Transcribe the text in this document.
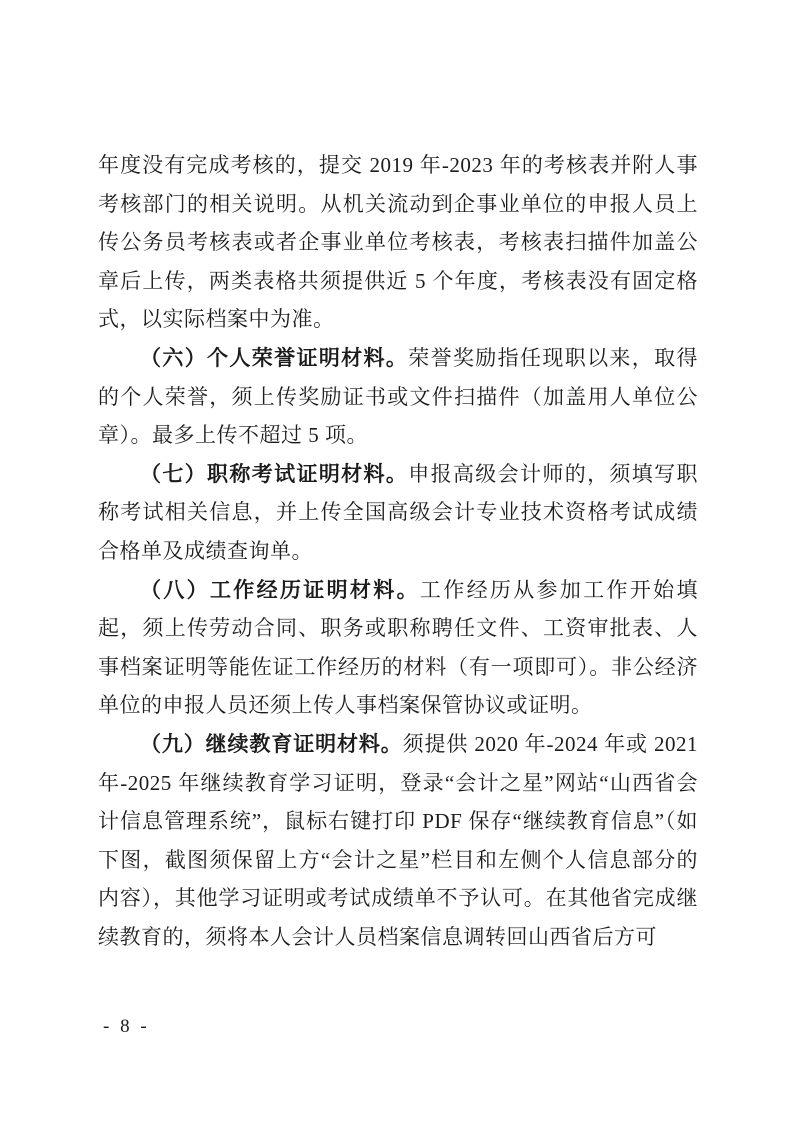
年度没有完成考核的，提交 2019 年-2023 年的考核表并附人事考核部门的相关说明。从机关流动到企事业单位的申报人员上传公务员考核表或者企事业单位考核表，考核表扫描件加盖公章后上传，两类表格共须提供近 5 个年度，考核表没有固定格式，以实际档案中为准。

（六）个人荣誉证明材料。荣誉奖励指任现职以来，取得的个人荣誉，须上传奖励证书或文件扫描件（加盖用人单位公章）。最多上传不超过 5 项。

（七）职称考试证明材料。申报高级会计师的，须填写职称考试相关信息，并上传全国高级会计专业技术资格考试成绩合格单及成绩查询单。

（八）工作经历证明材料。工作经历从参加工作开始填起，须上传劳动合同、职务或职称聘任文件、工资审批表、人事档案证明等能佐证工作经历的材料（有一项即可）。非公经济单位的申报人员还须上传人事档案保管协议或证明。

（九）继续教育证明材料。须提供 2020 年-2024 年或 2021 年-2025 年继续教育学习证明，登录“会计之星”网站“山西省会计信息管理系统”，鼠标右键打印 PDF 保存“继续教育信息”（如下图，截图须保留上方“会计之星”栏目和左侧个人信息部分的内容），其他学习证明或考试成绩单不予认可。在其他省完成继续教育的，须将本人会计人员档案信息调转回山西省后方可

- 8 -
